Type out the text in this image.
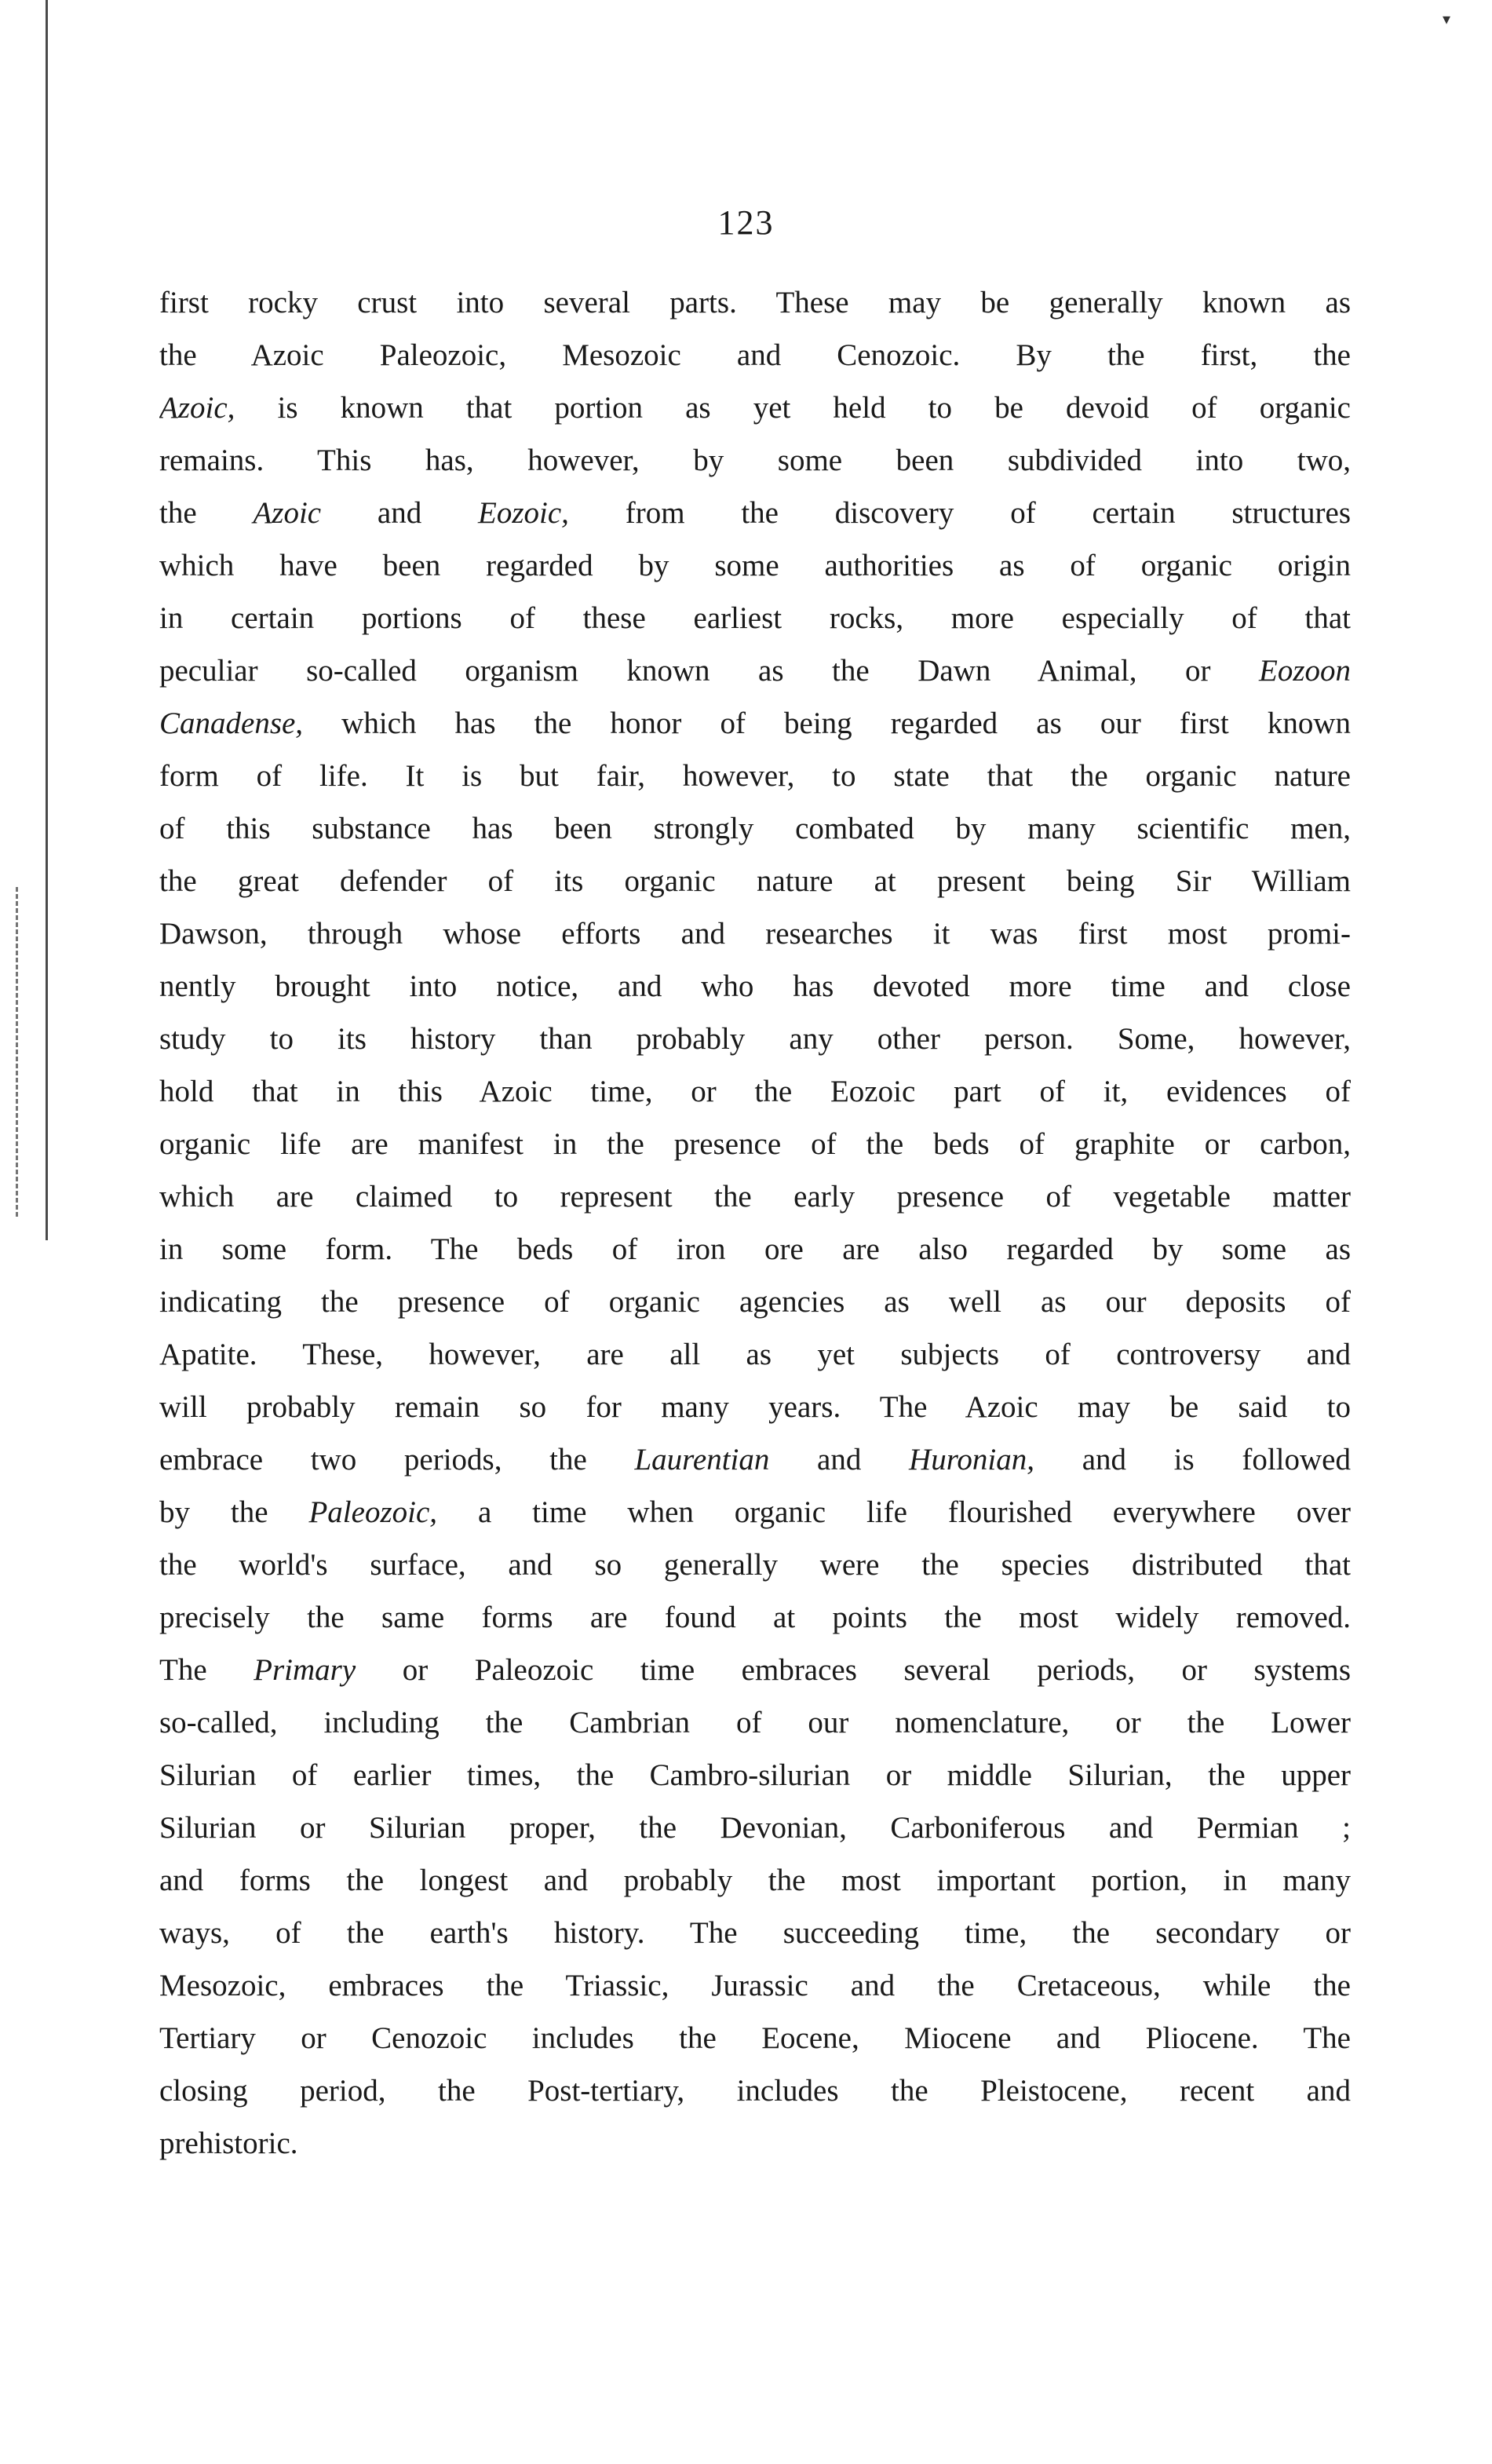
▾
123
first rocky crust into several parts. These may be generally known as
the Azoic Paleozoic, Mesozoic and Cenozoic. By the first, the
Azoic, is known that portion as yet held to be devoid of organic
remains. This has, however, by some been subdivided into two,
the Azoic and Eozoic, from the discovery of certain structures
which have been regarded by some authorities as of organic origin
in certain portions of these earliest rocks, more especially of that
peculiar so-called organism known as the Dawn Animal, or Eozoon
Canadense, which has the honor of being regarded as our first known
form of life. It is but fair, however, to state that the organic nature
of this substance has been strongly combated by many scientific men,
the great defender of its organic nature at present being Sir William
Dawson, through whose efforts and researches it was first most promi-
nently brought into notice, and who has devoted more time and close
study to its history than probably any other person. Some, however,
hold that in this Azoic time, or the Eozoic part of it, evidences of
organic life are manifest in the presence of the beds of graphite or carbon,
which are claimed to represent the early presence of vegetable matter
in some form. The beds of iron ore are also regarded by some as
indicating the presence of organic agencies as well as our deposits of
Apatite. These, however, are all as yet subjects of controversy and
will probably remain so for many years. The Azoic may be said to
embrace two periods, the Laurentian and Huronian, and is followed
by the Paleozoic, a time when organic life flourished everywhere over
the world's surface, and so generally were the species distributed that
precisely the same forms are found at points the most widely removed.
The Primary or Paleozoic time embraces several periods, or systems
so-called, including the Cambrian of our nomenclature, or the Lower
Silurian of earlier times, the Cambro-silurian or middle Silurian, the upper
Silurian or Silurian proper, the Devonian, Carboniferous and Permian ;
and forms the longest and probably the most important portion, in many
ways, of the earth's history. The succeeding time, the secondary or
Mesozoic, embraces the Triassic, Jurassic and the Cretaceous, while the
Tertiary or Cenozoic includes the Eocene, Miocene and Pliocene. The
closing period, the Post-tertiary, includes the Pleistocene, recent and
prehistoric.
